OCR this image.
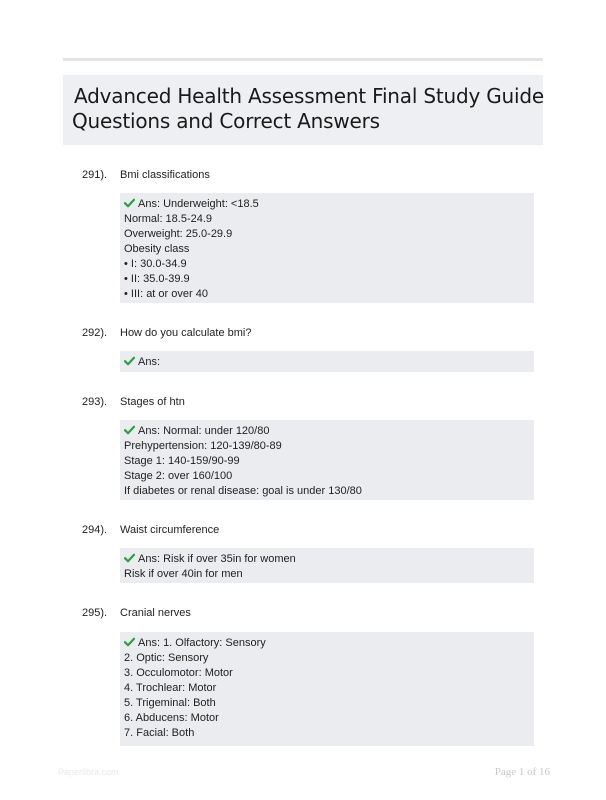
Advanced Health Assessment Final Study Guide
Questions and Correct Answers
291). Bmi classifications
Ans: Underweight: <18.5
Normal: 18.5-24.9
Overweight: 25.0-29.9
Obesity class
• I: 30.0-34.9
• II: 35.0-39.9
• III: at or over 40
292). How do you calculate bmi?
Ans:
293). Stages of htn
Ans: Normal: under 120/80
Prehypertension: 120-139/80-89
Stage 1: 140-159/90-99
Stage 2: over 160/100
If diabetes or renal disease: goal is under 130/80
294). Waist circumference
Ans: Risk if over 35in for women
Risk if over 40in for men
295). Cranial nerves
Ans: 1. Olfactory: Sensory
2. Optic: Sensory
3. Occulomotor: Motor
4. Trochlear: Motor
5. Trigeminal: Both
6. Abducens: Motor
7. Facial: Both
Paperlibra.com	Page 1 of 16
